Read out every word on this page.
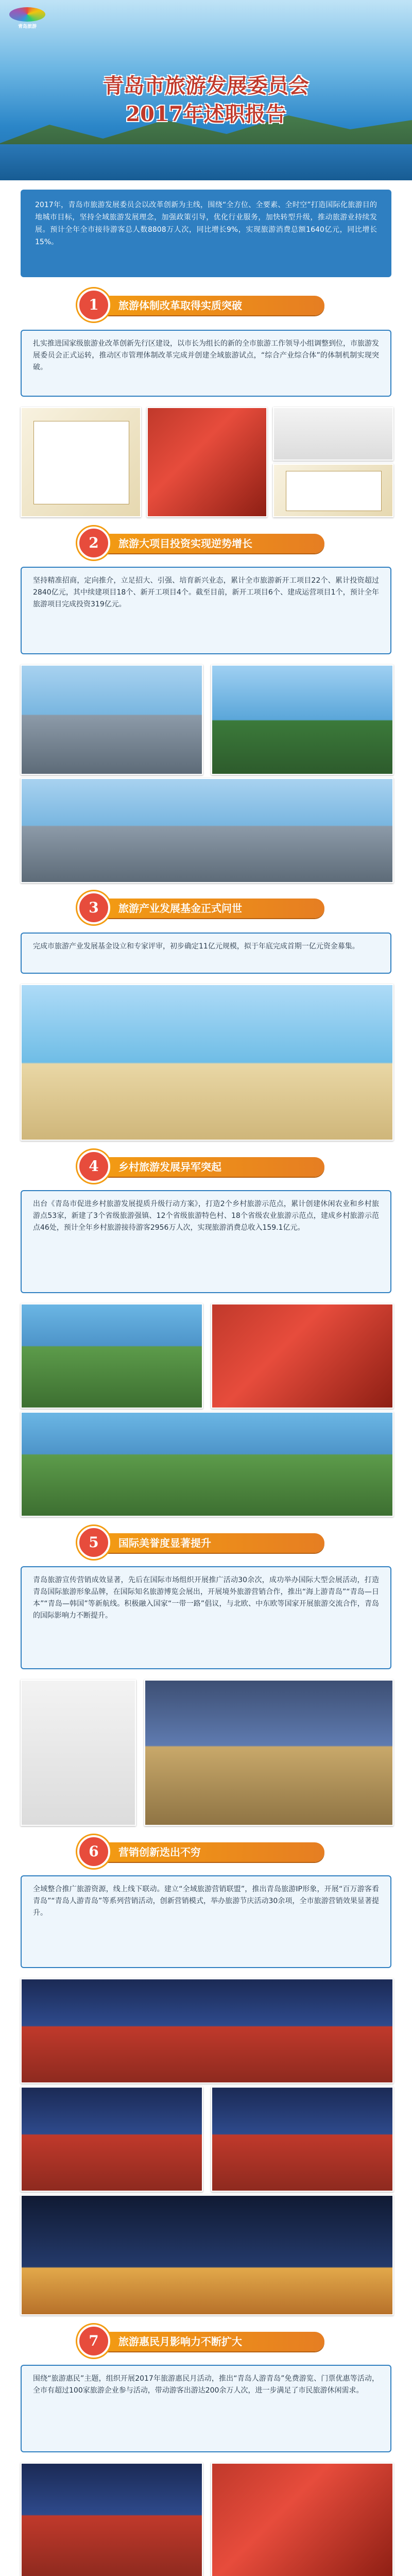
青岛旅游
青岛市旅游发展委员会
2017年述职报告

2017年，青岛市旅游发展委员会以改革创新为主线，围绕“全方位、全要素、全时空”打造国际化旅游目的地城市目标，坚持全域旅游发展理念，加强政策引导，优化行业服务，加快转型升级，推动旅游业持续发展。预计全年全市接待游客总人数8808万人次，同比增长9%，实现旅游消费总额1640亿元，同比增长15%。

1	旅游体制改革取得实质突破

扎实推进国家级旅游业改革创新先行区建设，以市长为组长的新的全市旅游工作领导小组调整到位，市旅游发展委员会正式运转，推动区市管理体制改革完成并创建全域旅游试点，“综合产业综合体”的体制机制实现突破。

2	旅游大项目投资实现逆势增长

坚持精准招商，定向推介，立足招大、引强、培育新兴业态，累计全市旅游新开工项目22个、累计投资超过2840亿元，其中续建项目18个、新开工项目4个。截至目前，新开工项目6个、建成运营项目1个，预计全年旅游项目完成投资319亿元。

3	旅游产业发展基金正式问世

完成市旅游产业发展基金设立和专家评审，初步确定11亿元规模，拟于年底完成首期一亿元资金募集。

4	乡村旅游发展异军突起

出台《青岛市促进乡村旅游发展提质升级行动方案》，打造2个乡村旅游示范点，累计创建休闲农业和乡村旅游点53家，新建了3个省级旅游强镇、12个省级旅游特色村、18个省级农业旅游示范点，建成乡村旅游示范点46处，预计全年乡村旅游接待游客2956万人次，实现旅游消费总收入159.1亿元。

5	国际美誉度显著提升

青岛旅游宣传营销成效显著，先后在国际市场组织开展推广活动30余次，成功举办国际大型会展活动，打造青岛国际旅游形象品牌，在国际知名旅游博览会展出，开展境外旅游营销合作，推出“海上游青岛”“青岛—日本”“青岛—韩国”等新航线。积极融入国家“一带一路”倡议，与北欧、中东欧等国家开展旅游交流合作，青岛的国际影响力不断提升。

6	营销创新迭出不穷

全域整合推广旅游资源，线上线下联动。建立“全域旅游营销联盟”，推出青岛旅游IP形象，开展“百万游客看青岛”“青岛人游青岛”等系列营销活动，创新营销模式，举办旅游节庆活动30余项，全市旅游营销效果显著提升。

7	旅游惠民月影响力不断扩大

围绕“旅游惠民”主题，组织开展2017年旅游惠民月活动，推出“青岛人游青岛”免费游览、门票优惠等活动，全市有超过100家旅游企业参与活动，带动游客出游达200余万人次，进一步满足了市民旅游休闲需求。
